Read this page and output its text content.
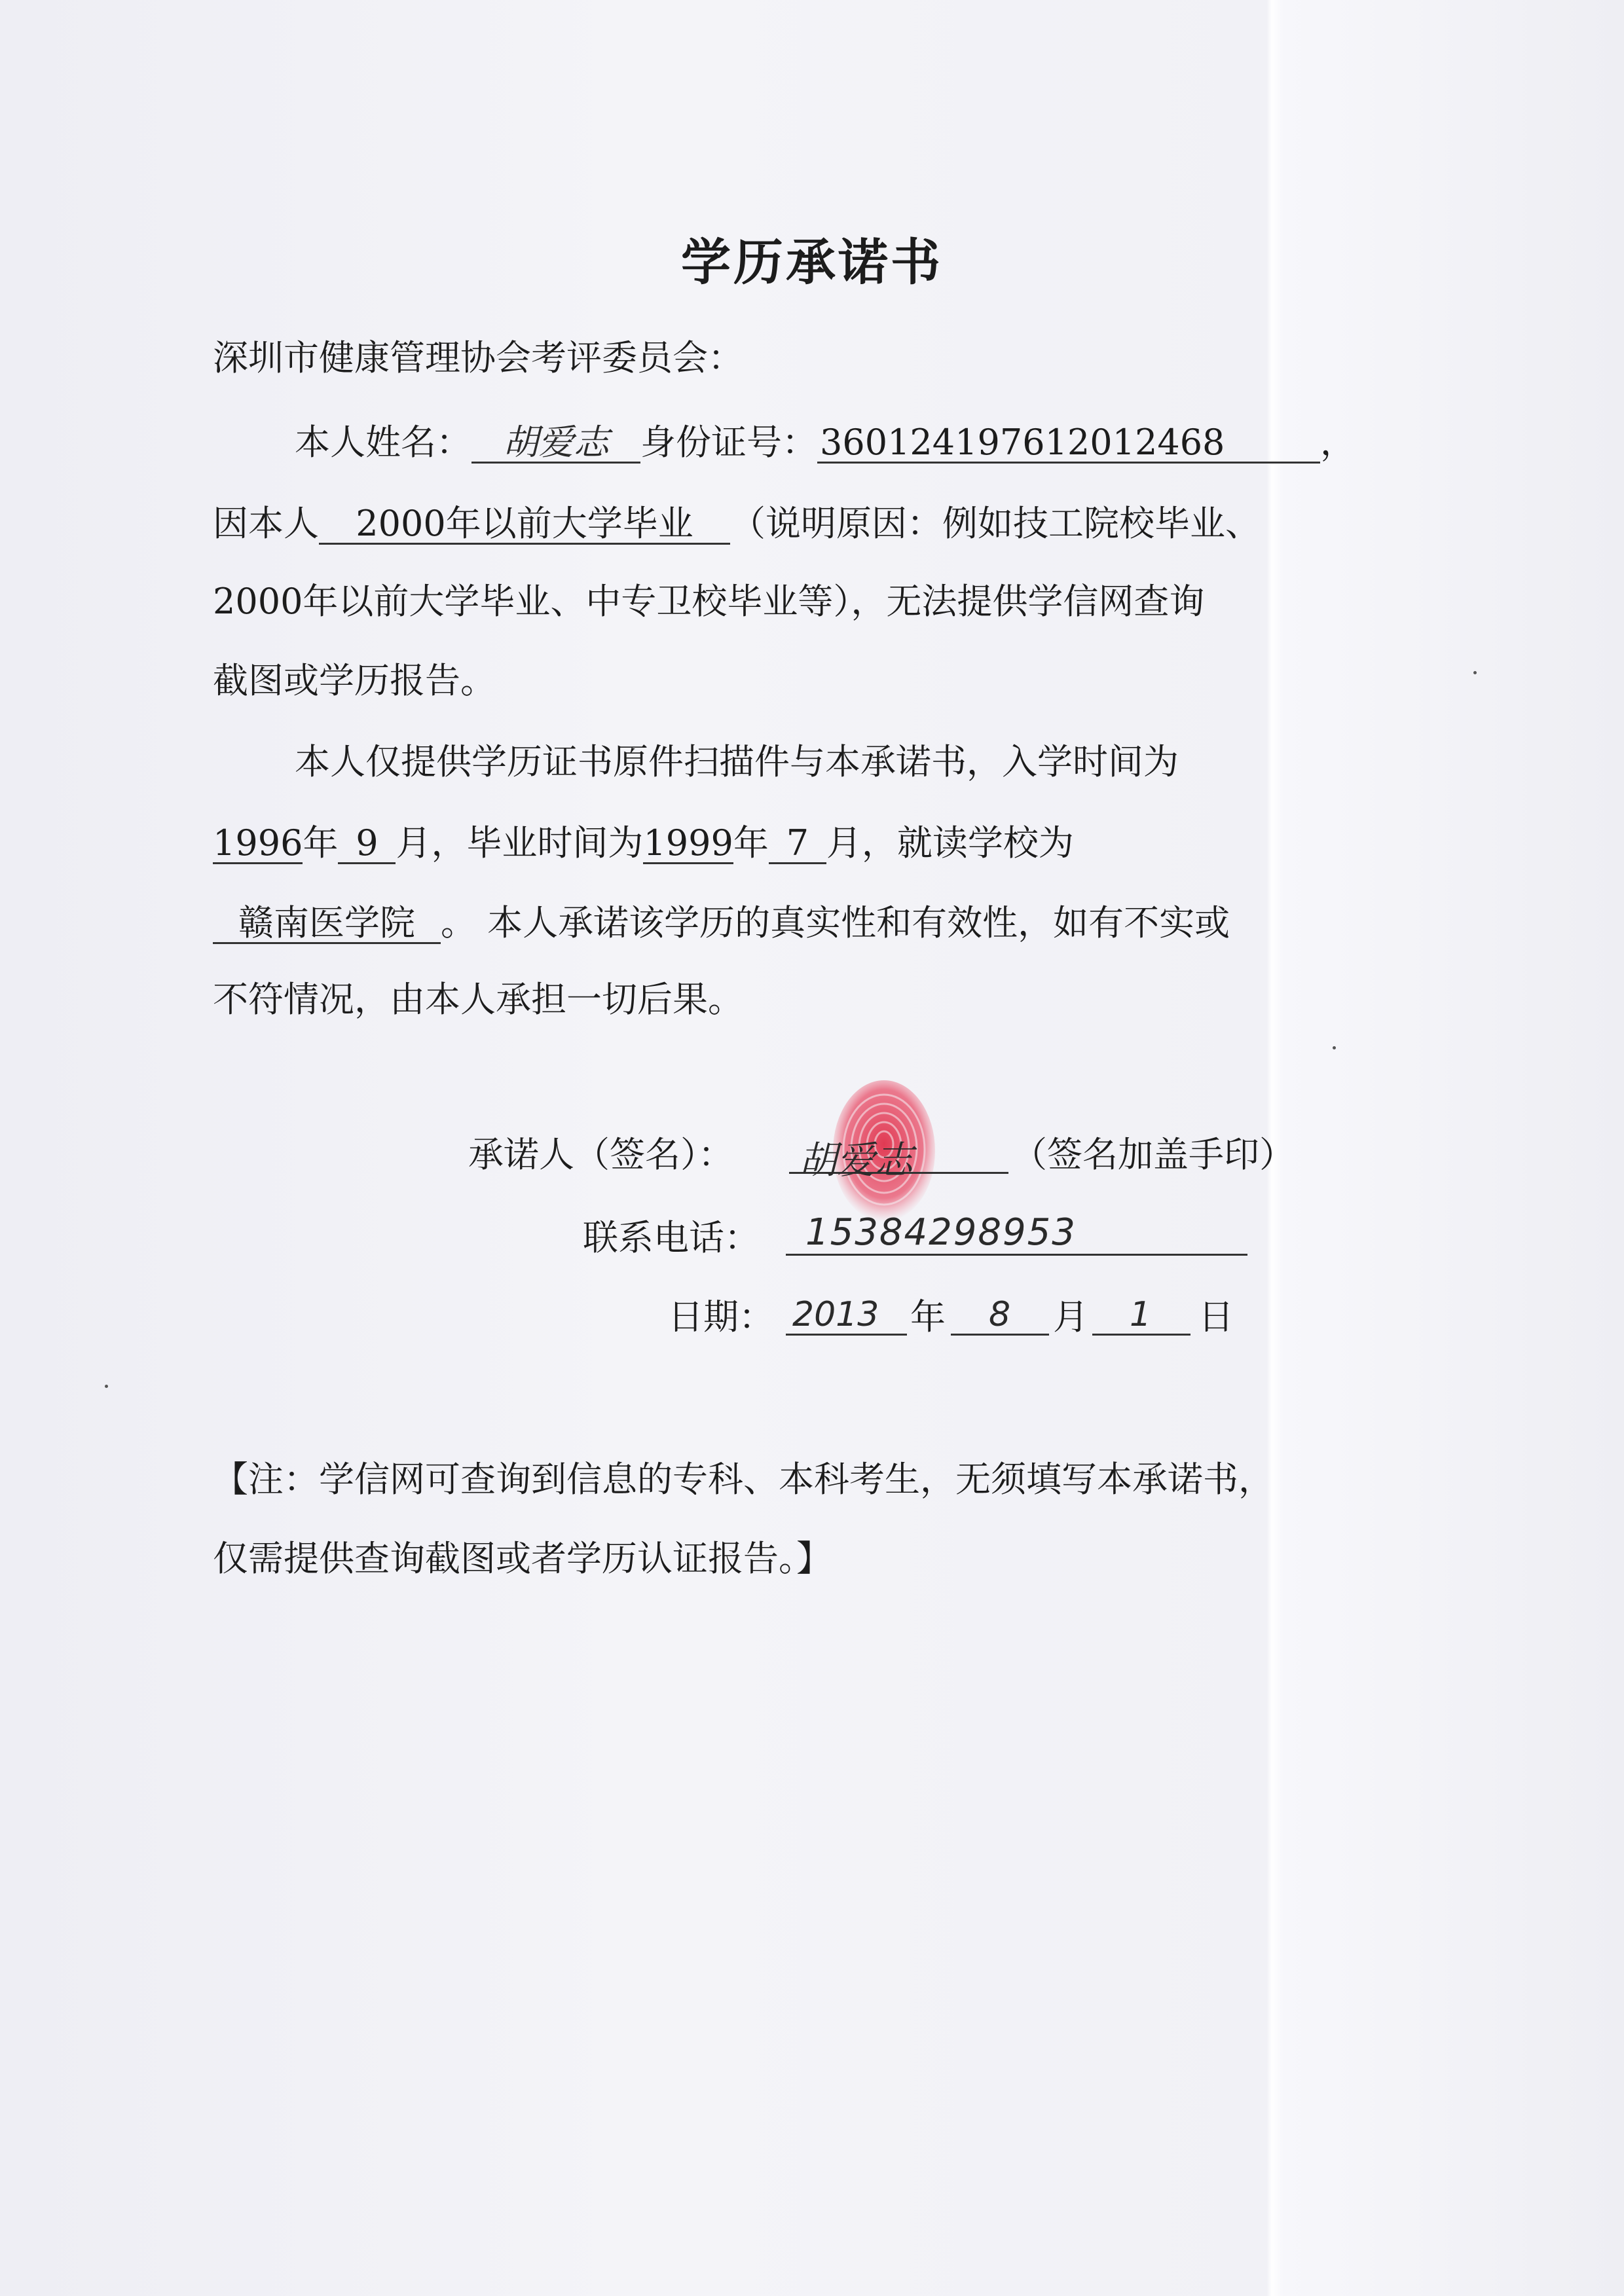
学历承诺书
深圳市健康管理协会考评委员会：
本人姓名： 胡爱志 身份证号：360124197612012468	，
因本人 2000年以前大学毕业 （说明原因：例如技工院校毕业、
2000年以前大学毕业、中专卫校毕业等），无法提供学信网查询
截图或学历报告。
本人仅提供学历证书原件扫描件与本承诺书，入学时间为
1996年 9 月，毕业时间为1999年 7 月，就读学校为
赣南医学院 。 本人承诺该学历的真实性和有效性，如有不实或
不符情况，由本人承担一切后果。
承诺人（签名）： 胡爱志	（签名加盖手印）
联系电话： 15384298953
日期： 2013 年 8 月 1 日
【注：学信网可查询到信息的专科、本科考生，无须填写本承诺书，
仅需提供查询截图或者学历认证报告。】
